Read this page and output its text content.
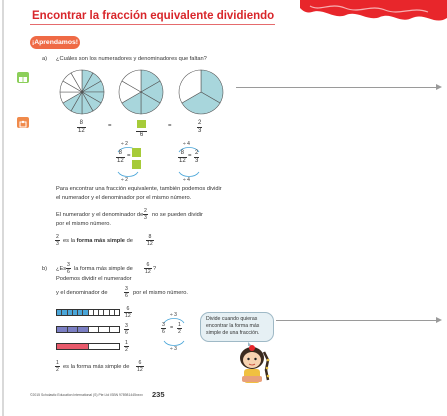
Encontrar la fracción equivalente dividiendo
¡Aprendamos!
a) ¿Cuáles son los numeradores y denominadores que faltan?
$\frac{8}{12}$	=
6
=	$\frac{2}{3}$
÷ 2
÷ 2
$\frac{8}{12}$ =
÷ 4
÷ 4
$\frac{8}{12} = \frac{2}{3}$
Para encontrar una fracción equivalente, también podemos dividir
el numerador y el denominador por el mismo número.
El numerador y el denominador de $\frac{2}{3}$ no se pueden dividir
por el mismo número.
$\frac{2}{3}$ es la forma más simple de	$\frac{8}{12}$
b) ¿$Es \frac{3}{6}$ la forma más simple de $\frac{6}{12}$ ?
Podemos dividir el numerador
y el denominador de	$\frac{3}{6}$ por el mismo número.
$\frac{6}{12}$
$\frac{3}{6}$
$\frac{1}{2}$
÷ 3
÷ 3
$\frac{3}{6} = \frac{1}{2}$
$\frac{1}{2}$ es la forma más simple de $\frac{6}{12}$
Divide cuando quieras encontrar la forma más simple de una fracción.
©2015 Scholastic Education International (S) Pte Ltd ISBN 978981445xxxx 235
